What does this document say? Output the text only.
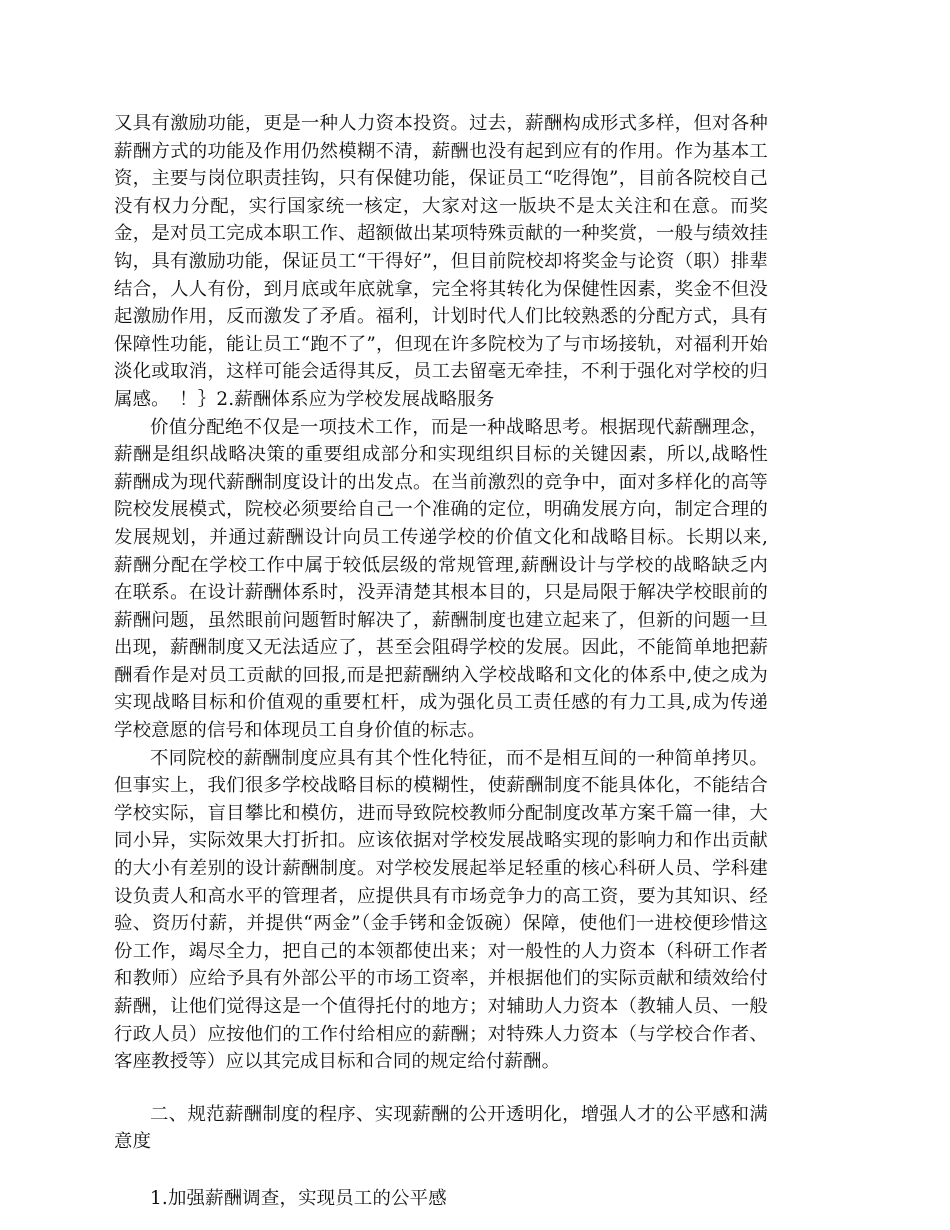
又具有激励功能，更是一种人力资本投资。过去，薪酬构成形式多样，但对各种薪酬方式的功能及作用仍然模糊不清，薪酬也没有起到应有的作用。作为基本工资，主要与岗位职责挂钩，只有保健功能，保证员工“吃得饱”，目前各院校自己没有权力分配，实行国家统一核定，大家对这一版块不是太关注和在意。而奖金，是对员工完成本职工作、超额做出某项特殊贡献的一种奖赏，一般与绩效挂钩，具有激励功能，保证员工“干得好”，但目前院校却将奖金与论资（职）排辈结合，人人有份，到月底或年底就拿，完全将其转化为保健性因素，奖金不但没起激励作用，反而激发了矛盾。福利，计划时代人们比较熟悉的分配方式，具有保障性功能，能让员工“跑不了”，但现在许多院校为了与市场接轨，对福利开始淡化或取消，这样可能会适得其反，员工去留毫无牵挂，不利于强化对学校的归属感。　！｝2.薪酬体系应为学校发展战略服务

价值分配绝不仅是一项技术工作，而是一种战略思考。根据现代薪酬理念，薪酬是组织战略决策的重要组成部分和实现组织目标的关键因素，所以,战略性薪酬成为现代薪酬制度设计的出发点。在当前激烈的竞争中，面对多样化的高等院校发展模式，院校必须要给自己一个准确的定位，明确发展方向，制定合理的发展规划，并通过薪酬设计向员工传递学校的价值文化和战略目标。长期以来,薪酬分配在学校工作中属于较低层级的常规管理,薪酬设计与学校的战略缺乏内在联系。在设计薪酬体系时，没弄清楚其根本目的，只是局限于解决学校眼前的薪酬问题，虽然眼前问题暂时解决了，薪酬制度也建立起来了，但新的问题一旦出现，薪酬制度又无法适应了，甚至会阻碍学校的发展。因此，不能简单地把薪酬看作是对员工贡献的回报,而是把薪酬纳入学校战略和文化的体系中,使之成为实现战略目标和价值观的重要杠杆，成为强化员工责任感的有力工具,成为传递学校意愿的信号和体现员工自身价值的标志。

不同院校的薪酬制度应具有其个性化特征，而不是相互间的一种简单拷贝。但事实上，我们很多学校战略目标的模糊性，使薪酬制度不能具体化，不能结合学校实际，盲目攀比和模仿，进而导致院校教师分配制度改革方案千篇一律，大同小异，实际效果大打折扣。应该依据对学校发展战略实现的影响力和作出贡献的大小有差别的设计薪酬制度。对学校发展起举足轻重的核心科研人员、学科建设负责人和高水平的管理者，应提供具有市场竞争力的高工资，要为其知识、经验、资历付薪，并提供“两金”（金手铐和金饭碗）保障，使他们一进校便珍惜这份工作，竭尽全力，把自己的本领都使出来；对一般性的人力资本（科研工作者和教师）应给予具有外部公平的市场工资率，并根据他们的实际贡献和绩效给付薪酬，让他们觉得这是一个值得托付的地方；对辅助人力资本（教辅人员、一般行政人员）应按他们的工作付给相应的薪酬；对特殊人力资本（与学校合作者、客座教授等）应以其完成目标和合同的规定给付薪酬。

二、规范薪酬制度的程序、实现薪酬的公开透明化，增强人才的公平感和满意度

1.加强薪酬调查，实现员工的公平感
